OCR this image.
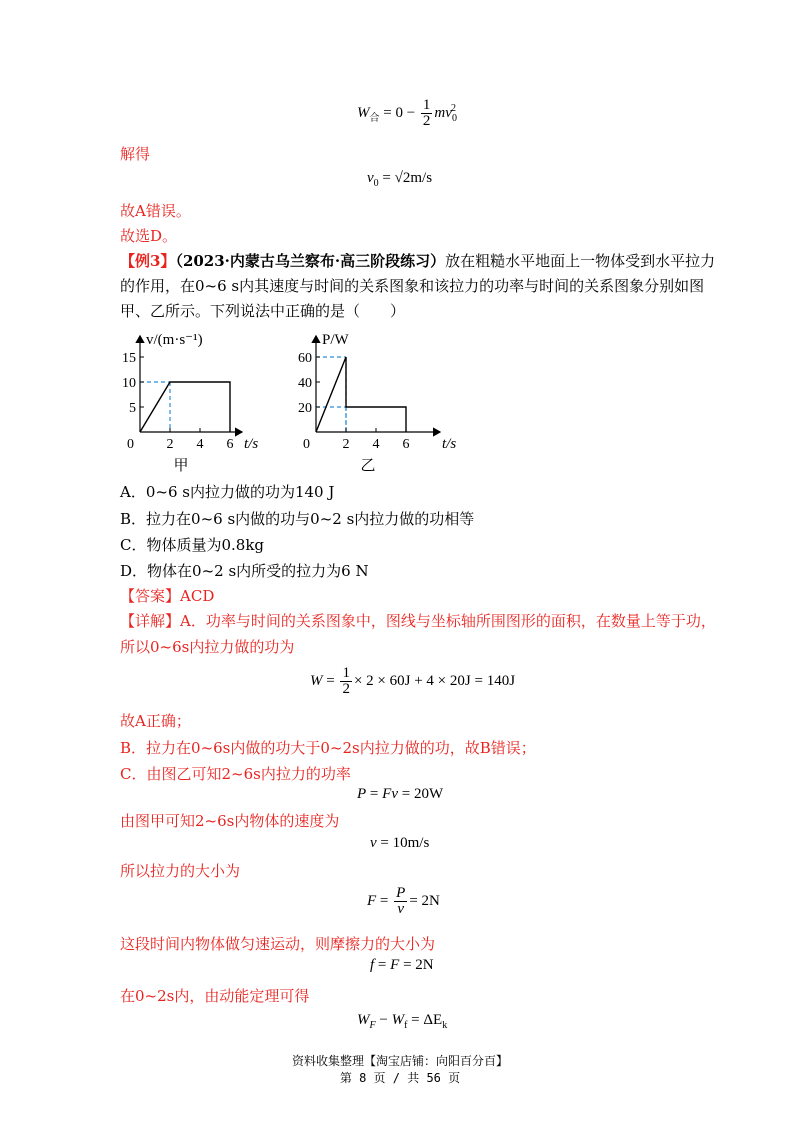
$W_合 = 0 - \frac{1}{2} mv_0^2$
解得
$v_0 = √2m/s$
故A错误。
故选D。
【例3】（2023·内蒙古乌兰察布·高三阶段练习）放在粗糙水平地面上一物体受到水平拉力
的作用，在0~6 s内其速度与时间的关系图象和该拉力的功率与时间的关系图象分别如图
甲、乙所示。下列说法中正确的是（　　）
2 4 6
5
10
15
0	t/s
v/(m·s⁻¹)
甲
2 4 6
20
40
60
0	t/s
P/W
乙
A．0~6 s内拉力做的功为140 J
B．拉力在0~6 s内做的功与0~2 s内拉力做的功相等
C．物体质量为0.8kg
D．物体在0~2 s内所受的拉力为6 N
【答案】ACD
【详解】A．功率与时间的关系图象中，图线与坐标轴所围图形的面积，在数量上等于功，
所以0~6s内拉力做的功为
$W = \frac{1}{2} \times 2 \times 60J + 4 \times 20J = 140J$
故A正确；
B．拉力在0~6s内做的功大于0~2s内拉力做的功，故B错误；
C．由图乙可知2~6s内拉力的功率
P = Fv = 20W
由图甲可知2~6s内物体的速度为
v = 10m/s
所以拉力的大小为
$F = \frac{P}{v} = 2N$
这段时间内物体做匀速运动，则摩擦力的大小为
f = F = 2N
在0~2s内，由动能定理可得
$W_F - W_f = \Delta E_k$
资料收集整理【淘宝店铺：向阳百分百】
第 8 页 / 共 56 页
